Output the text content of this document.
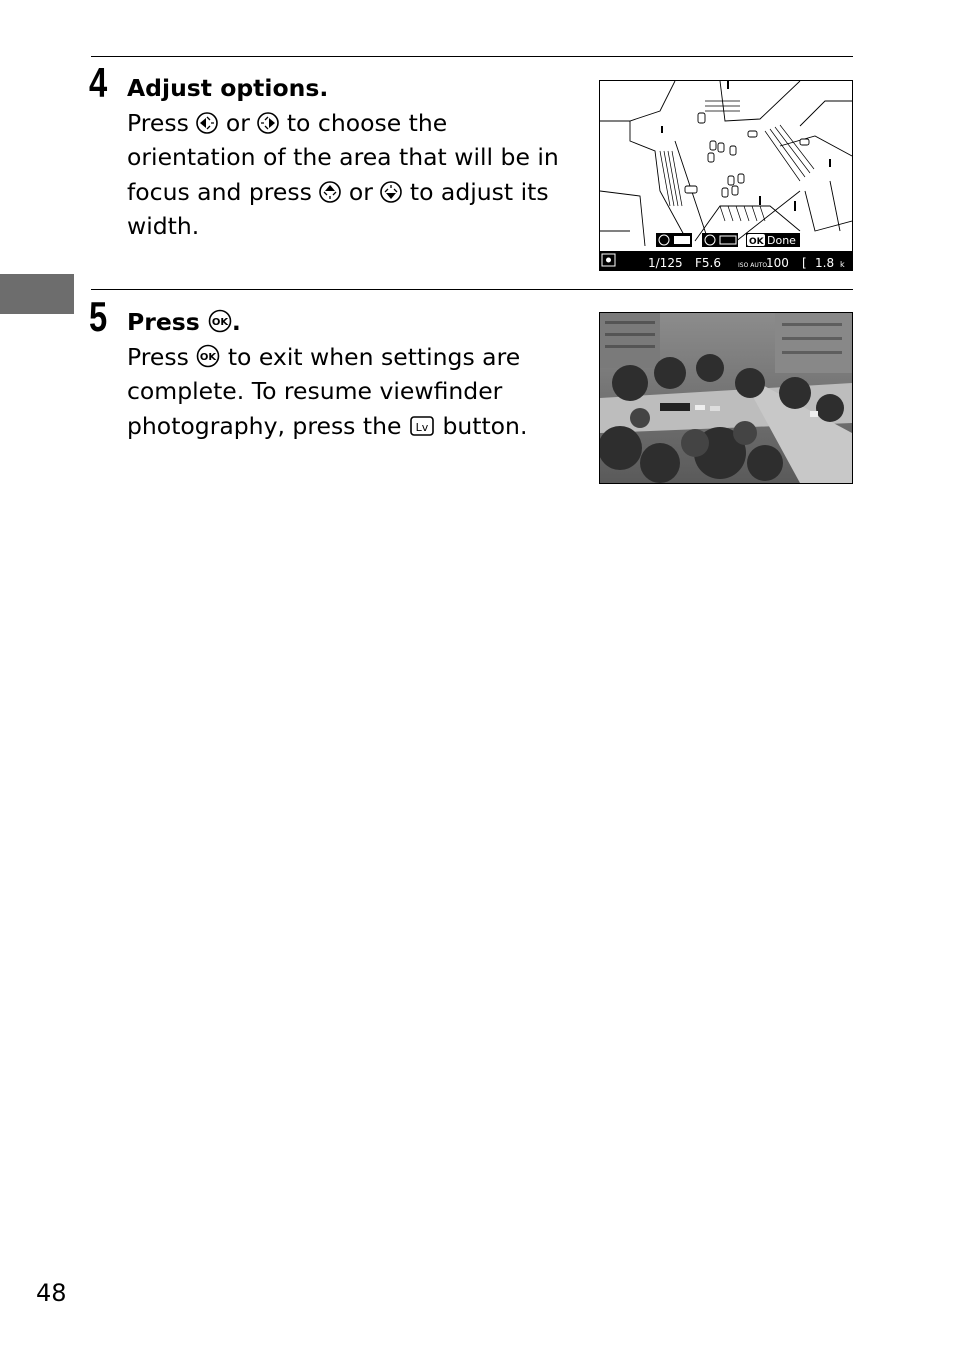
4 Adjust options.
Press or to choose the
orientation of the area that will be in
focus and press or to adjust its
width.
OK Done
1/125 F5.6	ISO AUTO
100 [ 1.8 k
5 Press OK .
Press OK to exit when settings are
complete. To resume viewfinder
photography, press the Lv button.
48
